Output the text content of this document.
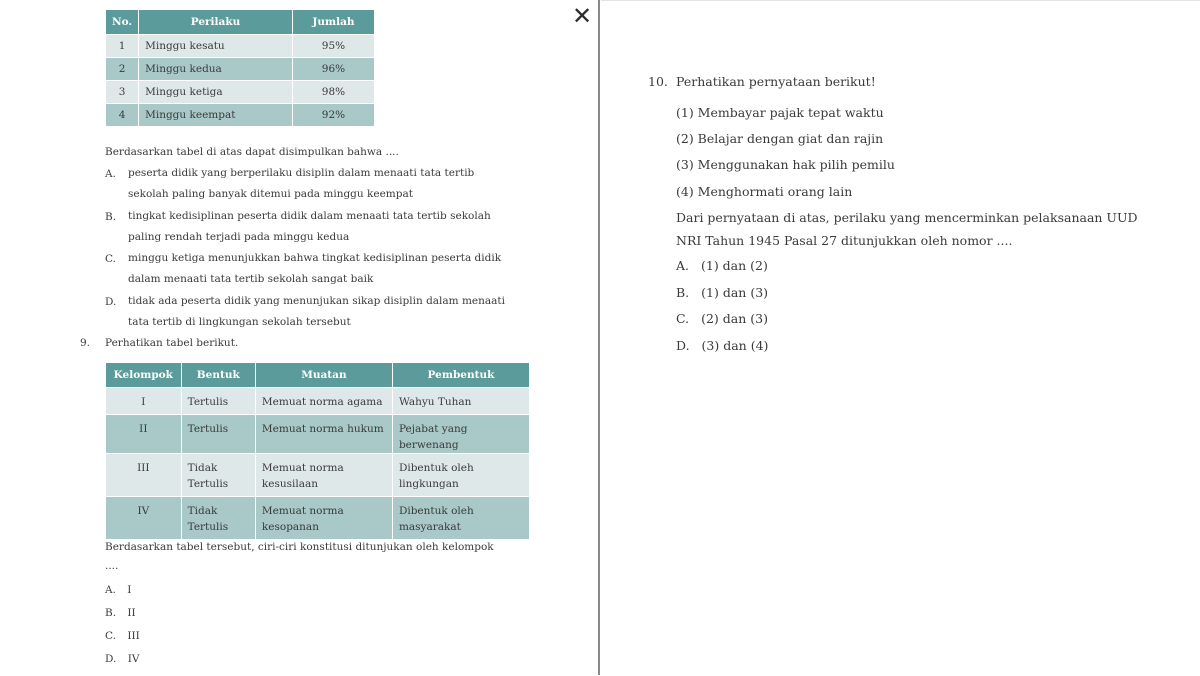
No.	Perilaku	Jumlah
1	Minggu kesatu	95%
2	Minggu kedua	96%
3	Minggu ketiga	98%
4	Minggu keempat	92%
Berdasarkan tabel di atas dapat disimpulkan bahwa ....
A. peserta didik yang berperilaku disiplin dalam menaati tata tertib
sekolah paling banyak ditemui pada minggu keempat
B. tingkat kedisiplinan peserta didik dalam menaati tata tertib sekolah
paling rendah terjadi pada minggu kedua
C. minggu ketiga menunjukkan bahwa tingkat kedisiplinan peserta didik
dalam menaati tata tertib sekolah sangat baik
D. tidak ada peserta didik yang menunjukan sikap disiplin dalam menaati
tata tertib di lingkungan sekolah tersebut
9. Perhatikan tabel berikut.
Kelompok	Bentuk	Muatan	Pembentuk
I	Tertulis	Memuat norma agama	Wahyu Tuhan
II	Tertulis	Memuat norma hukum	Pejabat yang berwenang
III	Tidak Tertulis	Memuat norma kesusilaan	Dibentuk oleh lingkungan
IV	Tidak Tertulis	Memuat norma kesopanan	Dibentuk oleh masyarakat
Berdasarkan tabel tersebut, ciri-ciri konstitusi ditunjukan oleh kelompok
....
A. I
B. II
C. III
D. IV
✕
10. Perhatikan pernyataan berikut!
(1) Membayar pajak tepat waktu
(2) Belajar dengan giat dan rajin
(3) Menggunakan hak pilih pemilu
(4) Menghormati orang lain
Dari pernyataan di atas, perilaku yang mencerminkan pelaksanaan UUD
NRI Tahun 1945 Pasal 27 ditunjukkan oleh nomor ....
A. (1) dan (2)
B. (1) dan (3)
C. (2) dan (3)
D. (3) dan (4)
